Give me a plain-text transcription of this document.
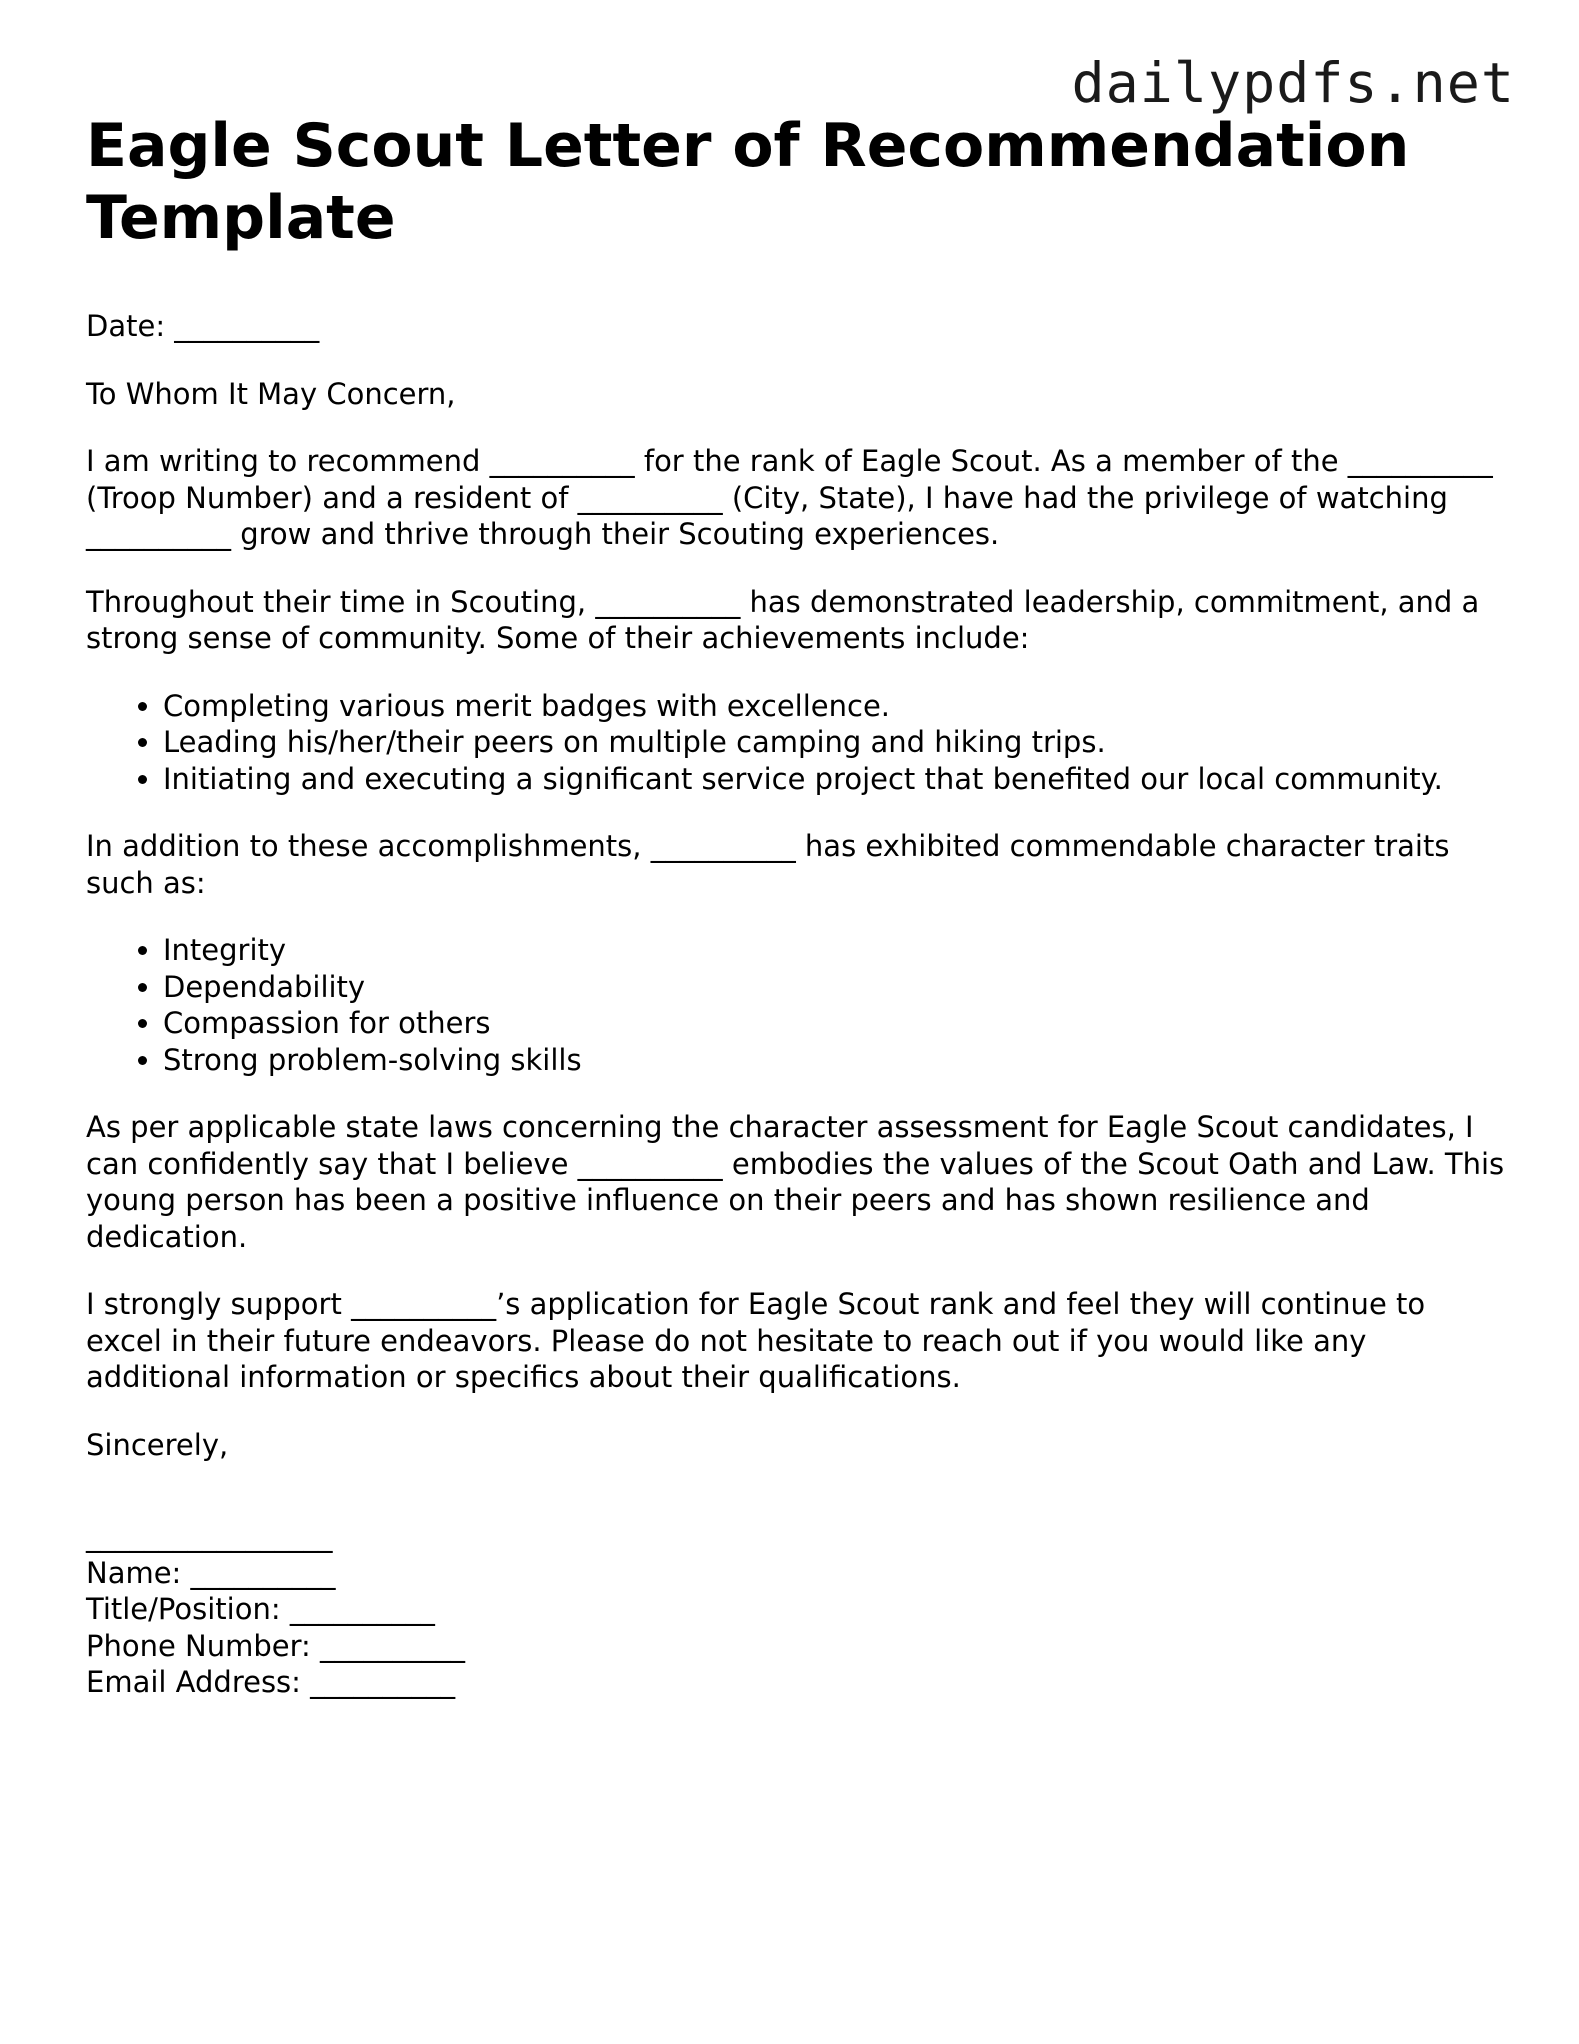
dailypdfs.net
Eagle Scout Letter of Recommendation Template

Date: __________

To Whom It May Concern,

I am writing to recommend __________ for the rank of Eagle Scout. As a member of the __________ (Troop Number) and a resident of __________ (City, State), I have had the privilege of watching __________ grow and thrive through their Scouting experiences.

Throughout their time in Scouting, __________ has demonstrated leadership, commitment, and a strong sense of community. Some of their achievements include:

• Completing various merit badges with excellence.
• Leading his/her/their peers on multiple camping and hiking trips.
• Initiating and executing a significant service project that benefited our local community.

In addition to these accomplishments, __________ has exhibited commendable character traits such as:

• Integrity
• Dependability
• Compassion for others
• Strong problem-solving skills

As per applicable state laws concerning the character assessment for Eagle Scout candidates, I can confidently say that I believe __________ embodies the values of the Scout Oath and Law. This young person has been a positive influence on their peers and has shown resilience and dedication.

I strongly support __________’s application for Eagle Scout rank and feel they will continue to excel in their future endeavors. Please do not hesitate to reach out if you would like any additional information or specifics about their qualifications.

Sincerely,

_________________

Name: __________

Title/Position: __________

Phone Number: __________

Email Address: __________
